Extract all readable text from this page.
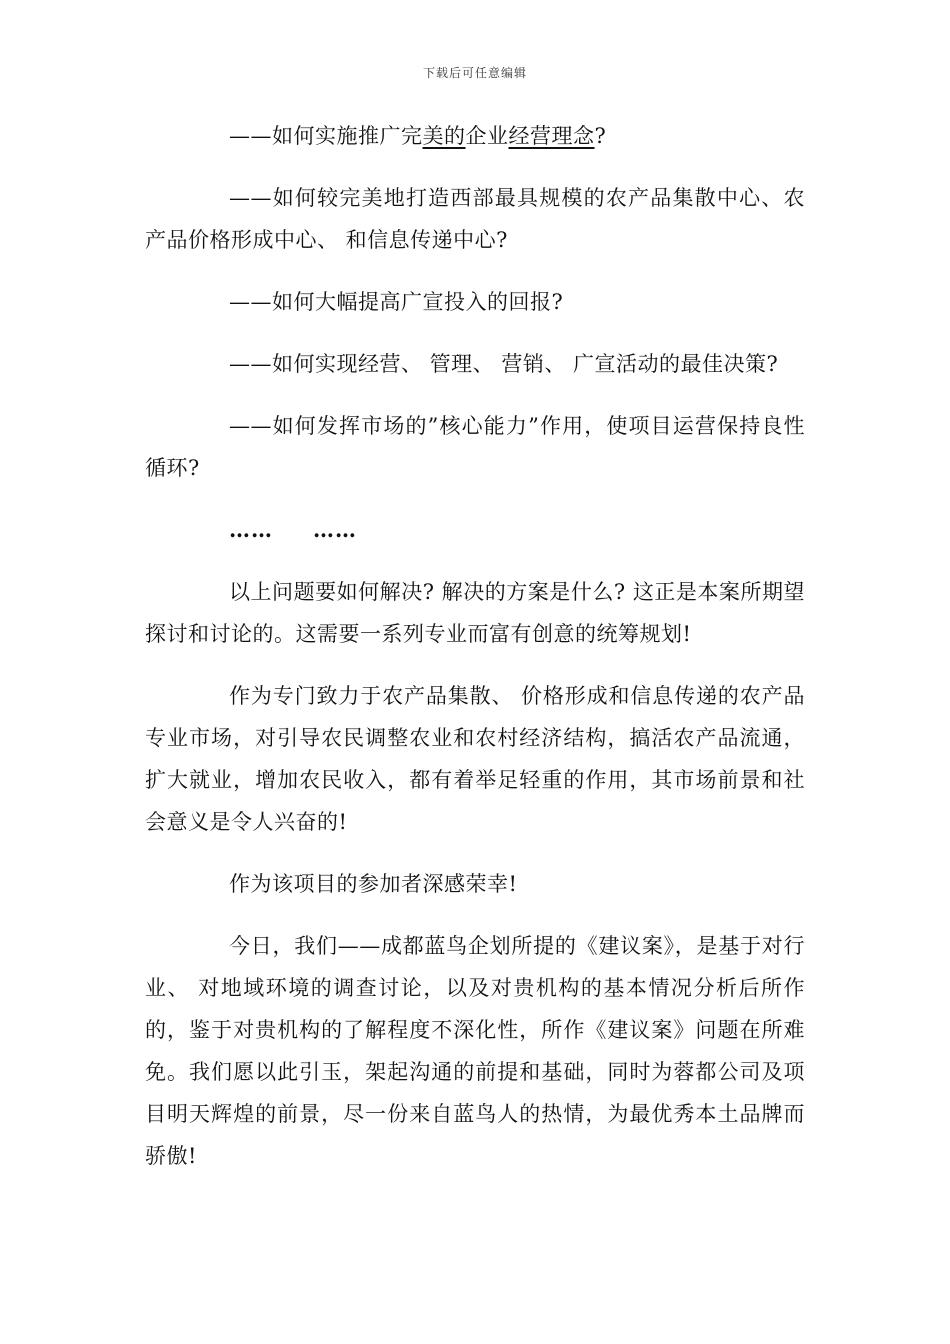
下载后可任意编辑

——如何实施推广完美的企业经营理念?

——如何较完美地打造西部最具规模的农产品集散中心、农产品价格形成中心、 和信息传递中心?

——如何大幅提高广宣投入的回报?

——如何实现经营、 管理、 营销、 广宣活动的最佳决策?

——如何发挥市场的”核心能力”作用，使项目运营保持良性循环?

…… ……

以上问题要如何解决? 解决的方案是什么? 这正是本案所期望探讨和讨论的。这需要一系列专业而富有创意的统筹规划!

作为专门致力于农产品集散、 价格形成和信息传递的农产品专业市场，对引导农民调整农业和农村经济结构，搞活农产品流通，扩大就业，增加农民收入，都有着举足轻重的作用，其市场前景和社会意义是令人兴奋的!

作为该项目的参加者深感荣幸!

今日，我们——成都蓝鸟企划所提的《建议案》，是基于对行业、 对地域环境的调查讨论，以及对贵机构的基本情况分析后所作的，鉴于对贵机构的了解程度不深化性，所作《建议案》问题在所难免。我们愿以此引玉，架起沟通的前提和基础，同时为蓉都公司及项目明天辉煌的前景，尽一份来自蓝鸟人的热情，为最优秀本土品牌而骄傲!
